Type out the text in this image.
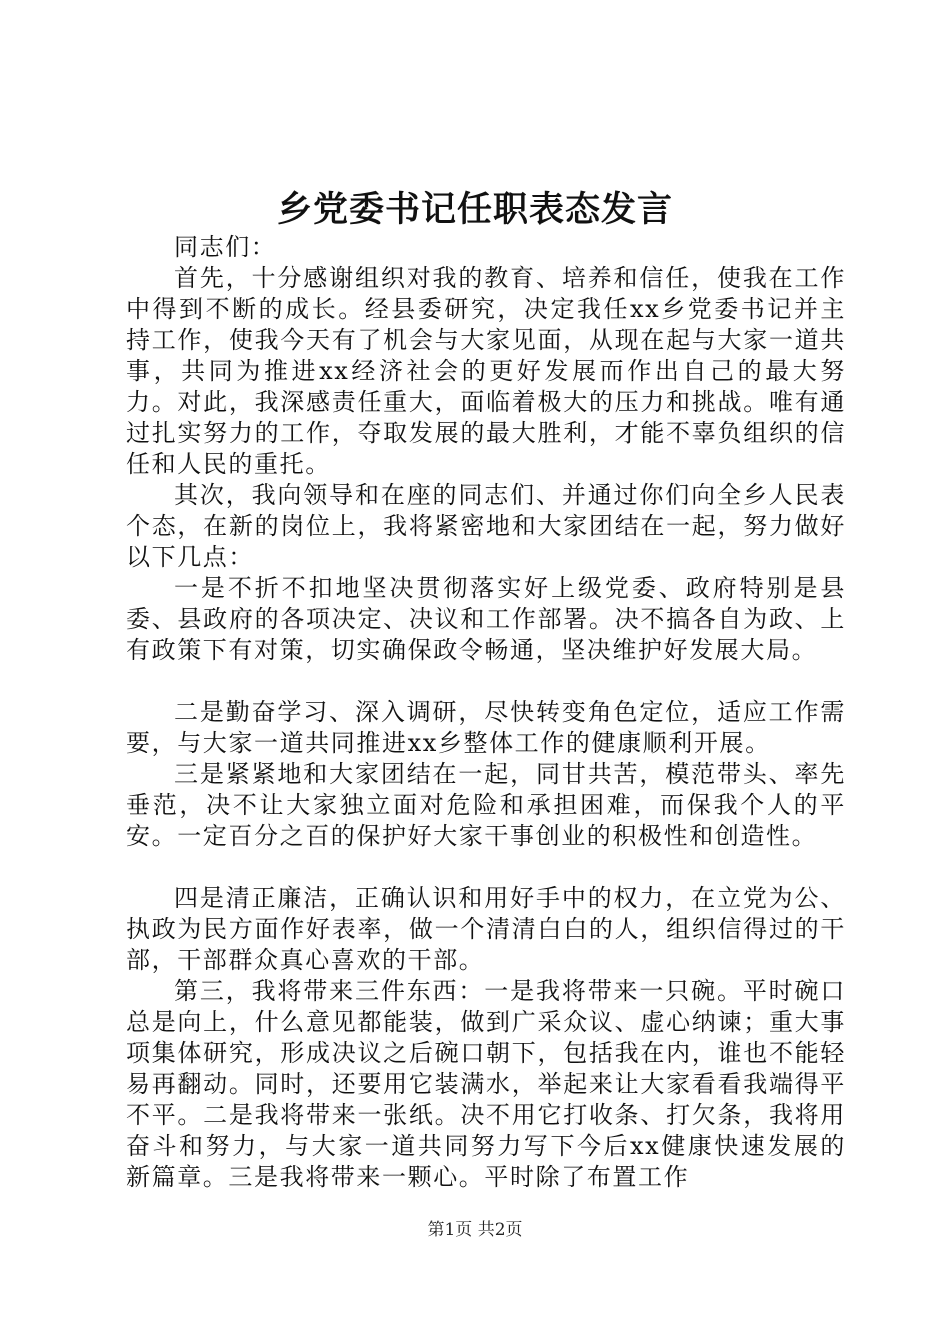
乡党委书记任职表态发言

同志们：

首先，十分感谢组织对我的教育、培养和信任，使我在工作中得到不断的成长。经县委研究，决定我任xx乡党委书记并主持工作，使我今天有了机会与大家见面，从现在起与大家一道共事，共同为推进xx经济社会的更好发展而作出自己的最大努力。对此，我深感责任重大，面临着极大的压力和挑战。唯有通过扎实努力的工作，夺取发展的最大胜利，才能不辜负组织的信任和人民的重托。

其次，我向领导和在座的同志们、并通过你们向全乡人民表个态，在新的岗位上，我将紧密地和大家团结在一起，努力做好以下几点：

一是不折不扣地坚决贯彻落实好上级党委、政府特别是县委、县政府的各项决定、决议和工作部署。决不搞各自为政、上有政策下有对策，切实确保政令畅通，坚决维护好发展大局。

二是勤奋学习、深入调研，尽快转变角色定位，适应工作需要，与大家一道共同推进xx乡整体工作的健康顺利开展。

三是紧紧地和大家团结在一起，同甘共苦，模范带头、率先垂范，决不让大家独立面对危险和承担困难，而保我个人的平安。一定百分之百的保护好大家干事创业的积极性和创造性。

四是清正廉洁，正确认识和用好手中的权力，在立党为公、执政为民方面作好表率，做一个清清白白的人，组织信得过的干部，干部群众真心喜欢的干部。

第三，我将带来三件东西：一是我将带来一只碗。平时碗口总是向上，什么意见都能装，做到广采众议、虚心纳谏；重大事项集体研究，形成决议之后碗口朝下，包括我在内，谁也不能轻易再翻动。同时，还要用它装满水，举起来让大家看看我端得平不平。二是我将带来一张纸。决不用它打收条、打欠条，我将用奋斗和努力，与大家一道共同努力写下今后xx健康快速发展的新篇章。三是我将带来一颗心。平时除了布置工作

第1页 共2页
